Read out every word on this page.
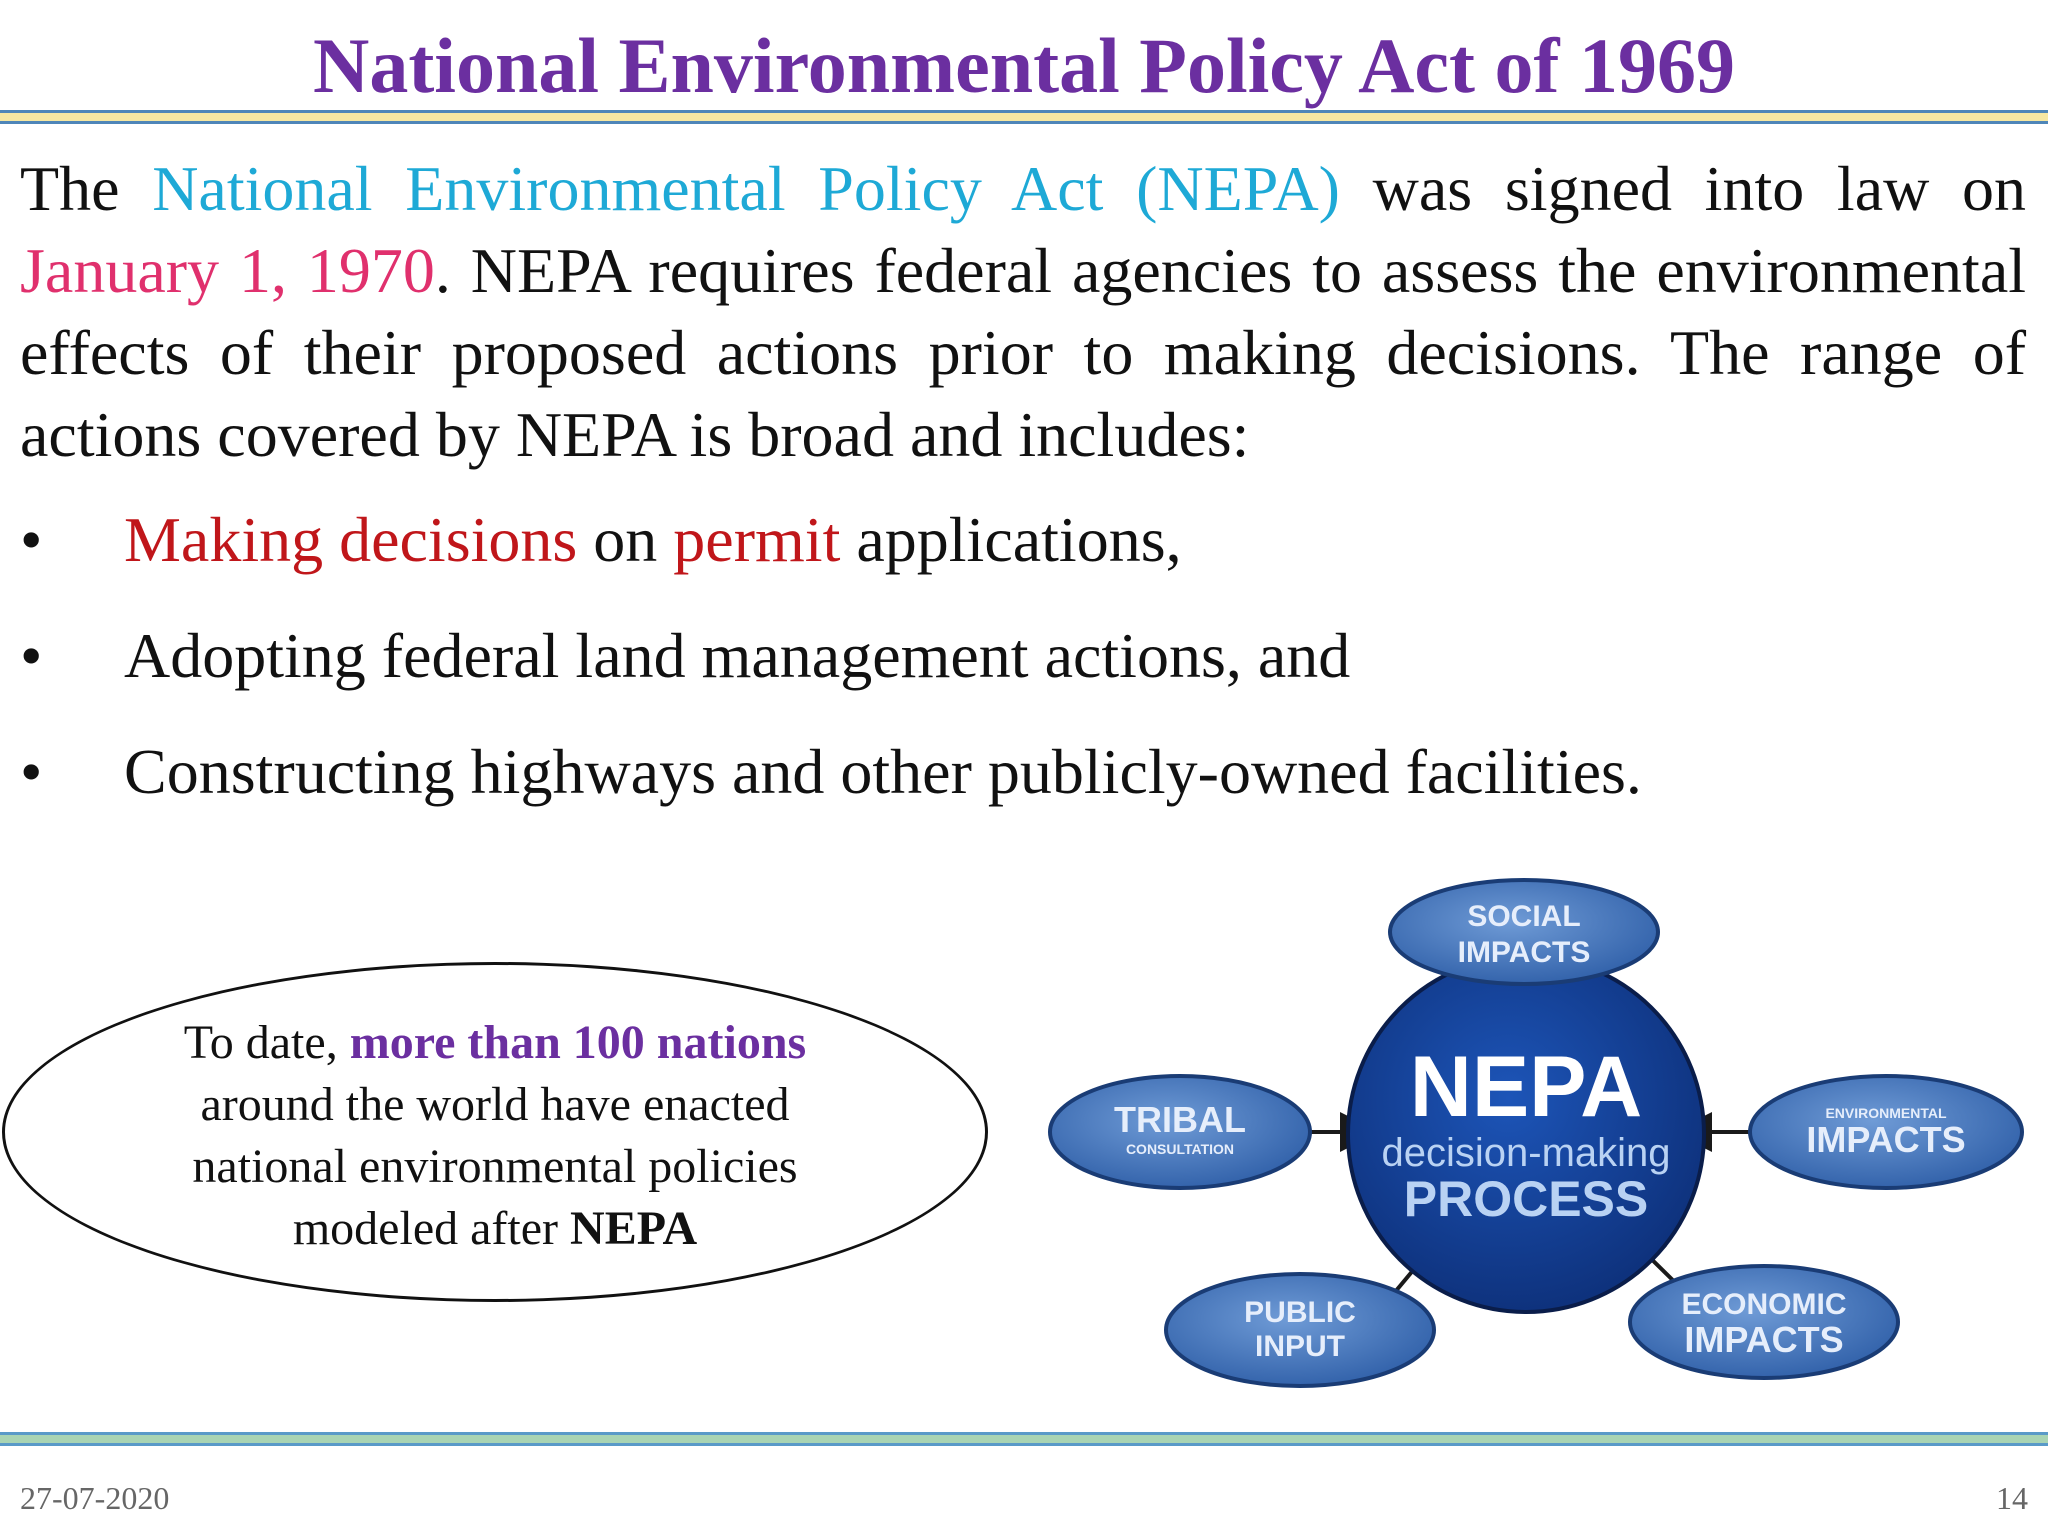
National Environmental Policy Act of 1969
The National Environmental Policy Act (NEPA) was signed into law on January 1, 1970. NEPA requires federal agencies to assess the environmental effects of their proposed actions prior to making decisions. The range of actions covered by NEPA is broad and includes:
• Making decisions on permit applications,
• Adopting federal land management actions, and
• Constructing highways and other publicly-owned facilities.
To date, more than 100 nations around the world have enacted national environmental policies modeled after NEPA
NEPA
decision-making
PROCESS
SOCIAL
IMPACTS
TRIBAL
CONSULTATION
ENVIRONMENTAL
IMPACTS
PUBLIC
INPUT
ECONOMIC
IMPACTS
27-07-2020	14
